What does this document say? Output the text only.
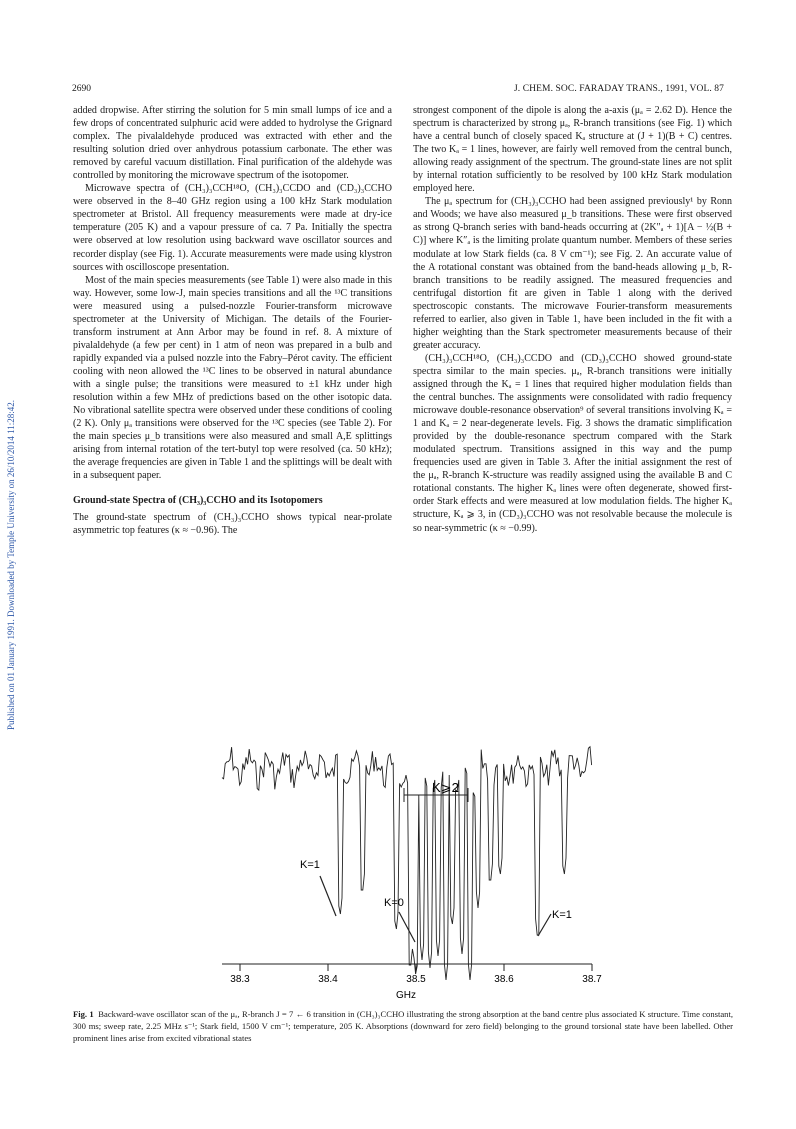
Published on 01 January 1991. Downloaded by Temple University on 26/10/2014 11:28:42.
2690	J. CHEM. SOC. FARADAY TRANS., 1991, VOL. 87

added dropwise. After stirring the solution for 5 min small lumps of ice and a few drops of concentrated sulphuric acid were added to hydrolyse the Grignard complex. The pivalaldehyde produced was extracted with ether and the resulting solution dried over anhydrous potassium carbonate. The ether was removed by careful vacuum distillation. Final purification of the aldehyde was controlled by monitoring the microwave spectrum of the isotopomer.

Microwave spectra of (CH₃)₃CCH¹⁸O, (CH₃)₃CCDO and (CD₃)₃CCHO were observed in the 8–40 GHz region using a 100 kHz Stark modulation spectrometer at Bristol. All frequency measurements were made at dry-ice temperature (205 K) and a vapour pressure of ca. 7 Pa. Initially the spectra were observed at low resolution using backward wave oscillator sources and recorder display (see Fig. 1). Accurate measurements were made using klystron sources with oscilloscope presentation.

Most of the main species measurements (see Table 1) were also made in this way. However, some low-J, main species transitions and all the ¹³C transitions were measured using a pulsed-nozzle Fourier-transform microwave spectrometer at the University of Michigan. The details of the Fourier-transform instrument at Ann Arbor may be found in ref. 8. A mixture of pivalaldehyde (a few per cent) in 1 atm of neon was prepared in a bulb and rapidly expanded via a pulsed nozzle into the Fabry–Pérot cavity. The efficient cooling with neon allowed the ¹³C lines to be observed in natural abundance with a single pulse; the transitions were measured to ±1 kHz under high resolution within a few MHz of predictions based on the other isotopic data. No vibrational satellite spectra were observed under these conditions of cooling (2 K). Only μₐ transitions were observed for the ¹³C species (see Table 2). For the main species μ_b transitions were also measured and small A,E splittings arising from internal rotation of the tert-butyl top were resolved (ca. 50 kHz); the average frequencies are given in Table 1 and the splittings will be dealt with in a subsequent paper.

Ground-state Spectra of (CH₃)₃CCHO and its Isotopomers

The ground-state spectrum of (CH₃)₃CCHO shows typical near-prolate asymmetric top features (κ ≈ −0.96). The

strongest component of the dipole is along the a-axis (μₐ = 2.62 D). Hence the spectrum is characterized by strong μₐ, R-branch transitions (see Fig. 1) which have a central bunch of closely spaced Kₐ structure at (J + 1)(B + C) centres. The two Kₐ = 1 lines, however, are fairly well removed from the central bunch, allowing ready assignment of the spectrum. The ground-state lines are not split by internal rotation sufficiently to be resolved by 100 kHz Stark modulation employed here.

The μₐ spectrum for (CH₃)₃CCHO had been assigned previously¹ by Ronn and Woods; we have also measured μ_b transitions. These were first observed as strong Q-branch series with band-heads occurring at (2K″ₐ + 1)[A − ½(B + C)] where K″ₐ is the limiting prolate quantum number. Members of these series modulate at low Stark fields (ca. 8 V cm⁻¹); see Fig. 2. An accurate value of the A rotational constant was obtained from the band-heads allowing μ_b, R-branch transitions to be readily assigned. The measured frequencies and centrifugal distortion fit are given in Table 1 along with the derived spectroscopic constants. The microwave Fourier-transform measurements referred to earlier, also given in Table 1, have been included in the fit with a higher weighting than the Stark spectrometer measurements because of their greater accuracy.

(CH₃)₃CCH¹⁸O, (CH₃)₃CCDO and (CD₃)₃CCHO showed ground-state spectra similar to the main species. μₐ, R-branch transitions were initially assigned through the Kₐ = 1 lines that required higher modulation fields than the central bunches. The assignments were consolidated with radio frequency microwave double-resonance observation⁹ of several transitions involving Kₐ = 1 and Kₐ = 2 near-degenerate levels. Fig. 3 shows the dramatic simplification provided by the double-resonance spectrum compared with the Stark modulated spectrum. Transitions assigned in this way and the pump frequencies used are given in Table 3. After the initial assignment the rest of the μₐ, R-branch K-structure was readily assigned using the available B and C rotational constants. The higher Kₐ lines were often degenerate, showed first-order Stark effects and were measured at low modulation fields. The higher Kₐ structure, Kₐ ⩾ 3, in (CD₃)₃CCHO was not resolvable because the molecule is so near-symmetric (κ ≈ −0.99).

K⩾2
K=1
K=0
K=1
38.3	38.4	38.5	38.6	38.7
GHz
Fig. 1 Backward-wave oscillator scan of the μₐ, R-branch J = 7 ← 6 transition in (CH₃)₃CCHO illustrating the strong absorption at the band centre plus associated K structure. Time constant, 300 ms; sweep rate, 2.25 MHz s⁻¹; Stark field, 1500 V cm⁻¹; temperature, 205 K. Absorptions (downward for zero field) belonging to the ground torsional state have been labelled. Other prominent lines arise from excited vibrational states
